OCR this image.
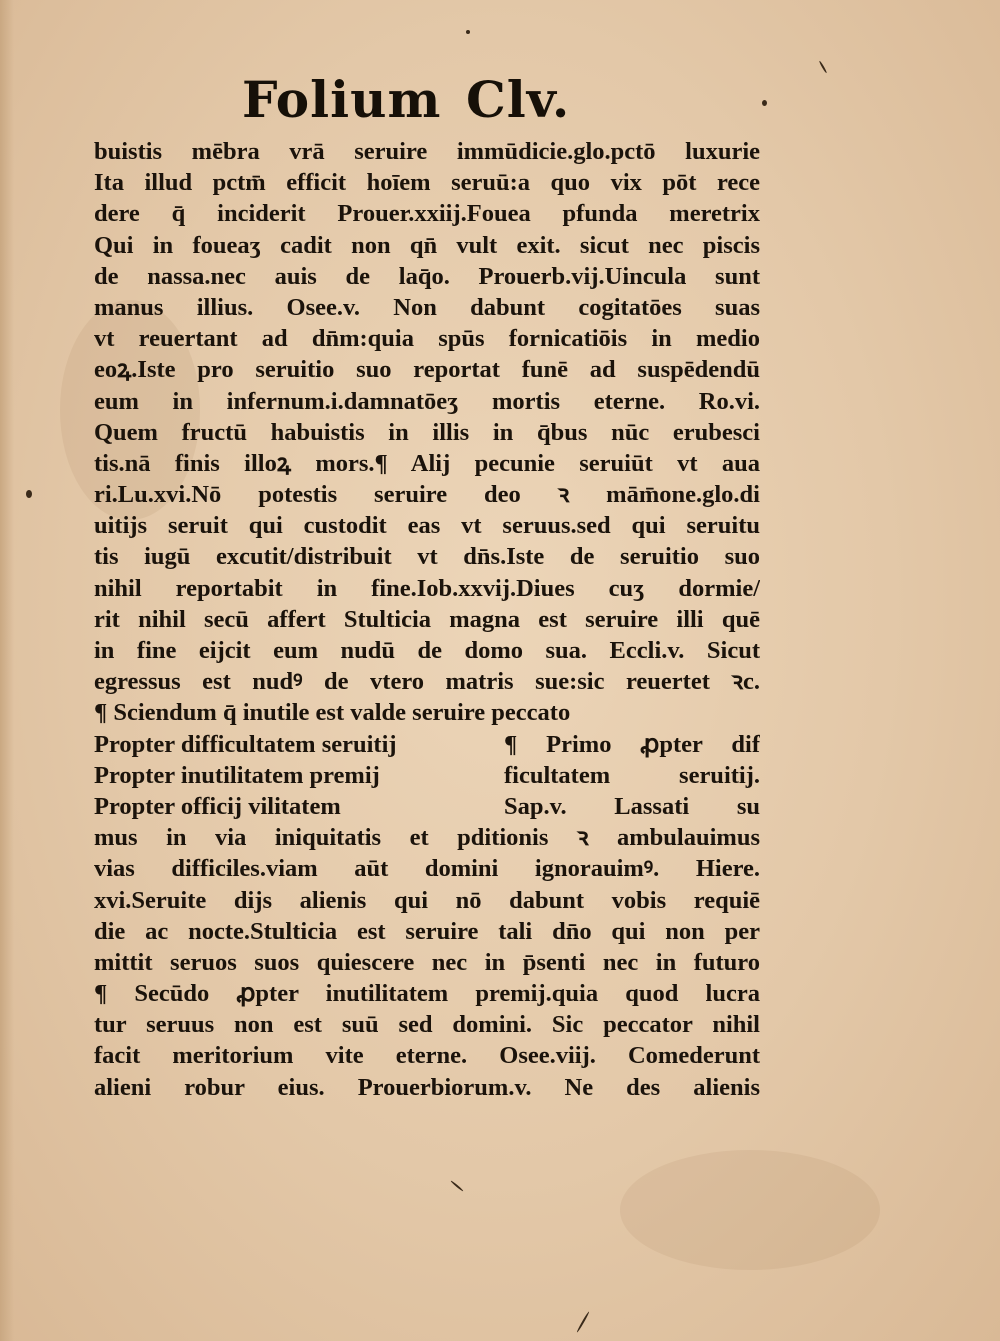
Folium Clv.
buistis mēbra vrā seruire immūdicie.glo.pctō luxurie
Ita illud pctm̄ efficit hoīem seruū:a quo vix pōt rece
dere q̄ inciderit Prouer.xxiij.Fouea pfunda meretrix
Qui in foueaʒ cadit non qn̄ vult exit. sicut nec piscis
de nassa.nec auis de laq̄o. Prouerb.vij.Uincula sunt
manus illius. Osee.v. Non dabunt cogitatōes suas
vt reuertant ad dn̄m:quia spūs fornicatiōis in medio
eoꝝ.Iste pro seruitio suo reportat funē ad suspēdendū
eum in infernum.i.damnatōeʒ mortis eterne. Ro.vi.
Quem fructū habuistis in illis in q̄bus nūc erubesci
tis.nā finis illoꝝ mors.¶ Alij pecunie seruiūt vt aua
ri.Lu.xvi.Nō potestis seruire deo ꝛ mām̄one.glo.di
uitijs seruit qui custodit eas vt seruus.sed qui seruitu
tis iugū excutit/distribuit vt dn̄s.Iste de seruitio suo
nihil reportabit in fine.Iob.xxvij.Diues cuʒ dormie/
rit nihil secū affert Stulticia magna est seruire illi quē
in fine eijcit eum nudū de domo sua. Eccli.v. Sicut
egressus est nudꝰ de vtero matris sue:sic reuertet ꝛc.
¶ Sciendum q̄ inutile est valde seruire peccato
Propter difficultatem seruitij	¶ Primo ꝓpter dif
Propter inutilitatem premij	ficultatem seruitij.
Propter officij vilitatem	Sap.v. Lassati su
mus in via iniquitatis et pditionis ꝛ ambulauimus
vias difficiles.viam aūt domini ignorauimꝰ. Hiere.
xvi.Seruite dijs alienis qui nō dabunt vobis requiē
die ac nocte.Stulticia est seruire tali dn̄o qui non per
mittit seruos suos quiescere nec in p̄senti nec in futuro
¶ Secūdo ꝓpter inutilitatem premij.quia quod lucra
tur seruus non est suū sed domini. Sic peccator nihil
facit meritorium vite eterne. Osee.viij. Comederunt
alieni robur eius. Prouerbiorum.v. Ne des alienis
